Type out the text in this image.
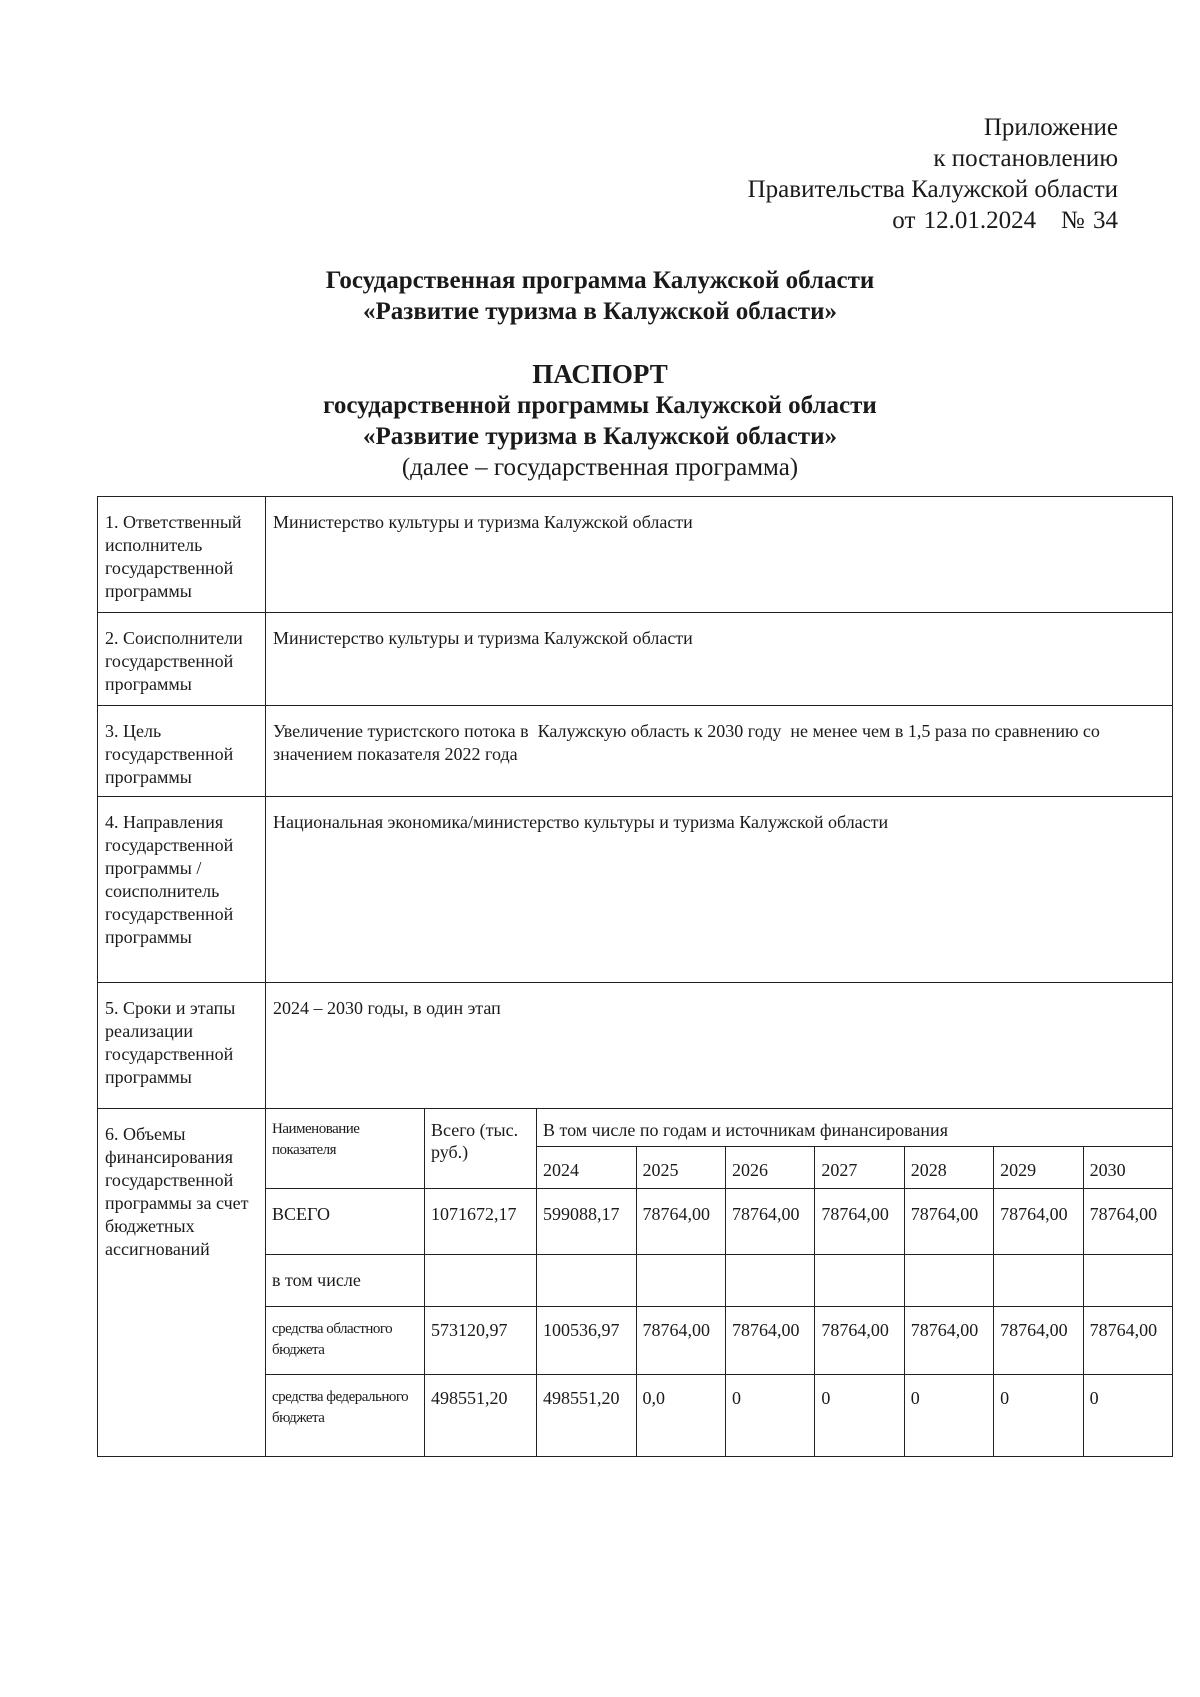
Приложение
к постановлению
Правительства Калужской области
от 12.01.2024   № 34

Государственная программа Калужской области

«Развитие туризма в Калужской области»

ПАСПОРТ

государственной программы Калужской области

«Развитие туризма в Калужской области»

(далее – государственная программа)

1. Ответственный исполнитель государственной программы	Министерство культуры и туризма Калужской области
2. Соисполнители государственной программы	Министерство культуры и туризма Калужской области
3. Цель государственной программы	Увеличение туристского потока в  Калужскую область к 2030 году  не менее чем в 1,5 раза по сравнению со значением показателя 2022 года
4. Направления государственной программы / соисполнитель государственной программы	Национальная экономика/министерство культуры и туризма Калужской области
5. Сроки и этапы реализации государственной программы	2024 – 2030 годы, в один этап
6. Объемы финансирования государственной программы за счет бюджетных ассигнований	
Наименование показателя	Всего (тыс. руб.)	В том числе по годам и источникам финансирования
2024	2025	2026	2027	2028	2029	2030
ВСЕГО	1071672,17	599088,17	78764,00	78764,00	78764,00	78764,00	78764,00	78764,00
в том числе								
средства областного бюджета	573120,97	100536,97	78764,00	78764,00	78764,00	78764,00	78764,00	78764,00
средства федерального бюджета	498551,20	498551,20	0,0	0	0	0	0	0
